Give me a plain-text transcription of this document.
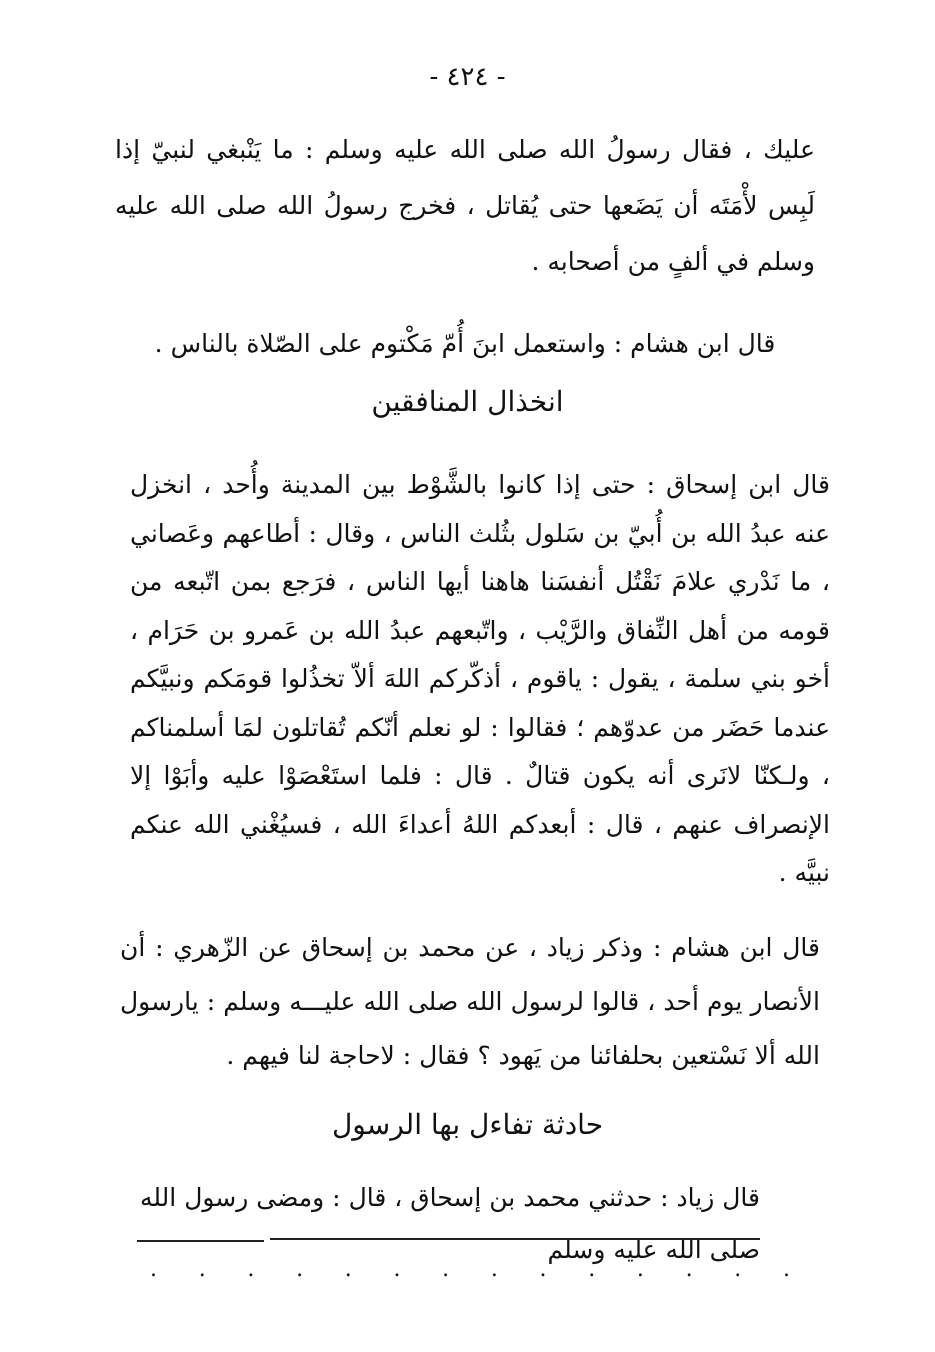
- ٤٢٤ -
عليك ، فقال رسولُ الله صلى الله عليه وسلم : ما يَنْبغي لنبيّ إذا لَبِس لأْمَتَه أن يَضَعها حتى يُقاتل ، فخرج رسولُ الله صلى الله عليه وسلم في ألفٍ من أصحابه .
قال ابن هشام : واستعمل ابنَ أُمّ مَكْتوم على الصّلاة بالناس .
انخذال المنافقين
قال ابن إسحاق : حتى إذا كانوا بالشَّوْط بين المدينة وأُحد ، انخزل عنه عبدُ الله بن أُبيّ بن سَلول بثُلث الناس ، وقال : أطاعهم وعَصاني ، ما نَدْري علامَ نَقْتُل أنفسَنا هاهنا أيها الناس ، فرَجع بمن اتّبعه من قومه من أهل النِّفاق والرَّيْب ، واتّبعهم عبدُ الله بن عَمرو بن حَرَام ، أخو بني سلمة ، يقول : ياقوم ، أذكّركم اللهَ ألاّ تخذُلوا قومَكم ونبيَّكم عندما حَضَر من عدوّهم ؛ فقالوا : لو نعلم أنّكم تُقاتلون لمَا أسلمناكم ، ولـكنّا لانَرى أنه يكون قتالٌ . قال : فلما استَعْصَوْا عليه وأبَوْا إلا الإنصراف عنهم ، قال : أبعدكم اللهُ أعداءَ الله ، فسيُغْني الله عنكم نبيَّه .
قال ابن هشام : وذكر زياد ، عن محمد بن إسحاق عن الزّهري : أن الأنصار يوم أحد ، قالوا لرسول الله صلى الله عليـــه وسلم : يارسول الله ألا نَسْتعين بحلفائنا من يَهود ؟ فقال : لاحاجة لنا فيهم .
حادثة تفاءل بها الرسول
قال زياد : حدثني محمد بن إسحاق ، قال : ومضى رسول الله صلى الله عليه وسلم
. . . . . . . . . . . . . .
